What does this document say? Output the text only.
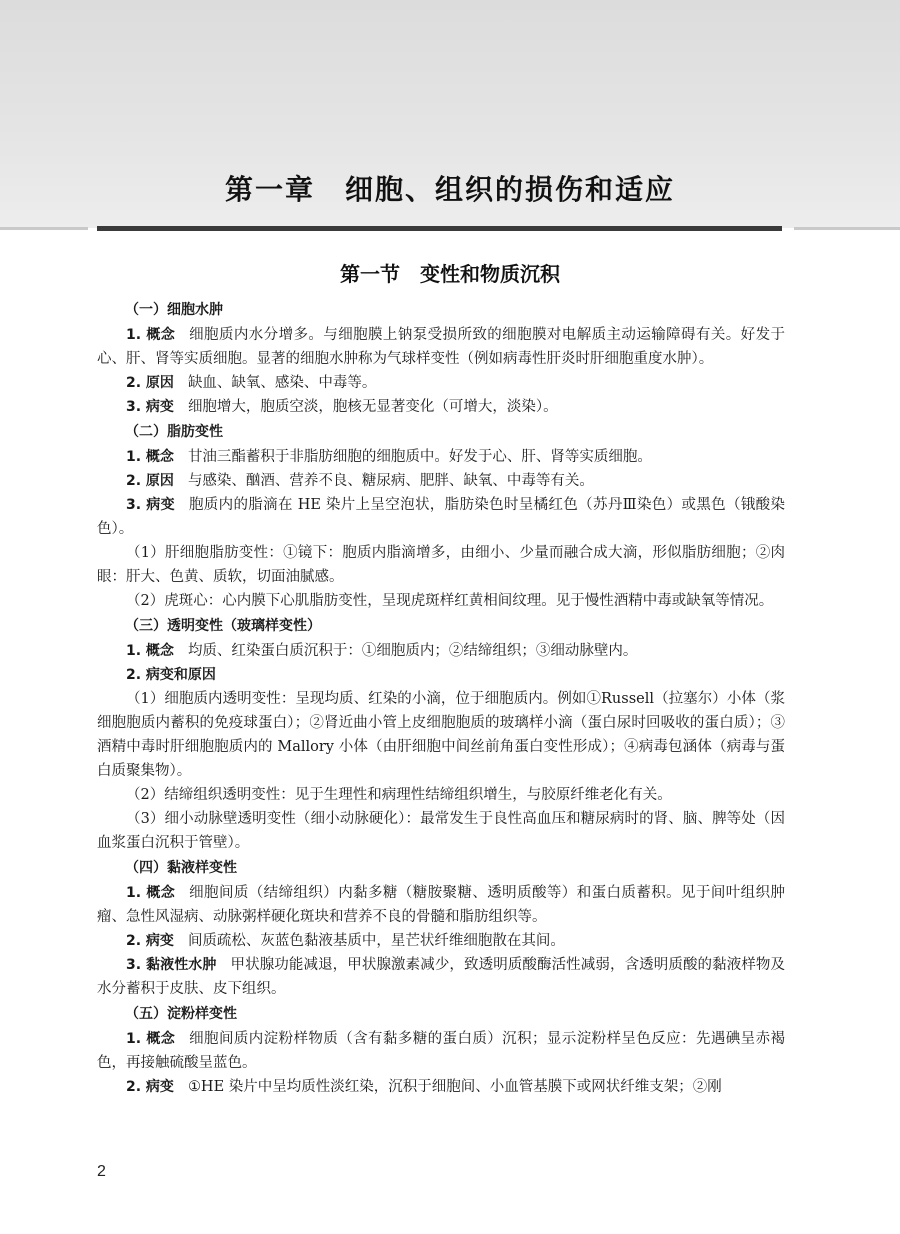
第一章　细胞、组织的损伤和适应
第一节　变性和物质沉积

（一）细胞水肿

1. 概念 细胞质内水分增多。与细胞膜上钠泵受损所致的细胞膜对电解质主动运输障碍有关。好发于心、肝、肾等实质细胞。显著的细胞水肿称为气球样变性（例如病毒性肝炎时肝细胞重度水肿）。

2. 原因 缺血、缺氧、感染、中毒等。

3. 病变 细胞增大，胞质空淡，胞核无显著变化（可增大，淡染）。

（二）脂肪变性

1. 概念 甘油三酯蓄积于非脂肪细胞的细胞质中。好发于心、肝、肾等实质细胞。

2. 原因 与感染、酗酒、营养不良、糖尿病、肥胖、缺氧、中毒等有关。

3. 病变 胞质内的脂滴在 HE 染片上呈空泡状，脂肪染色时呈橘红色（苏丹Ⅲ染色）或黑色（锇酸染色）。

（1）肝细胞脂肪变性：①镜下：胞质内脂滴增多，由细小、少量而融合成大滴，形似脂肪细胞；②肉眼：肝大、色黄、质软，切面油腻感。

（2）虎斑心：心内膜下心肌脂肪变性，呈现虎斑样红黄相间纹理。见于慢性酒精中毒或缺氧等情况。

（三）透明变性（玻璃样变性）

1. 概念 均质、红染蛋白质沉积于：①细胞质内；②结缔组织；③细动脉壁内。

2. 病变和原因

（1）细胞质内透明变性：呈现均质、红染的小滴，位于细胞质内。例如①Russell（拉塞尔）小体（浆细胞胞质内蓄积的免疫球蛋白）；②肾近曲小管上皮细胞胞质的玻璃样小滴（蛋白尿时回吸收的蛋白质）；③酒精中毒时肝细胞胞质内的 Mallory 小体（由肝细胞中间丝前角蛋白变性形成）；④病毒包涵体（病毒与蛋白质聚集物）。

（2）结缔组织透明变性：见于生理性和病理性结缔组织增生，与胶原纤维老化有关。

（3）细小动脉壁透明变性（细小动脉硬化）：最常发生于良性高血压和糖尿病时的肾、脑、脾等处（因血浆蛋白沉积于管壁）。

（四）黏液样变性

1. 概念 细胞间质（结缔组织）内黏多糖（糖胺聚糖、透明质酸等）和蛋白质蓄积。见于间叶组织肿瘤、急性风湿病、动脉粥样硬化斑块和营养不良的骨髓和脂肪组织等。

2. 病变 间质疏松、灰蓝色黏液基质中，星芒状纤维细胞散在其间。

3. 黏液性水肿 甲状腺功能减退，甲状腺激素减少，致透明质酸酶活性减弱，含透明质酸的黏液样物及水分蓄积于皮肤、皮下组织。

（五）淀粉样变性

1. 概念 细胞间质内淀粉样物质（含有黏多糖的蛋白质）沉积；显示淀粉样呈色反应：先遇碘呈赤褐色，再接触硫酸呈蓝色。

2. 病变 ①HE 染片中呈均质性淡红染，沉积于细胞间、小血管基膜下或网状纤维支架；②刚

2
